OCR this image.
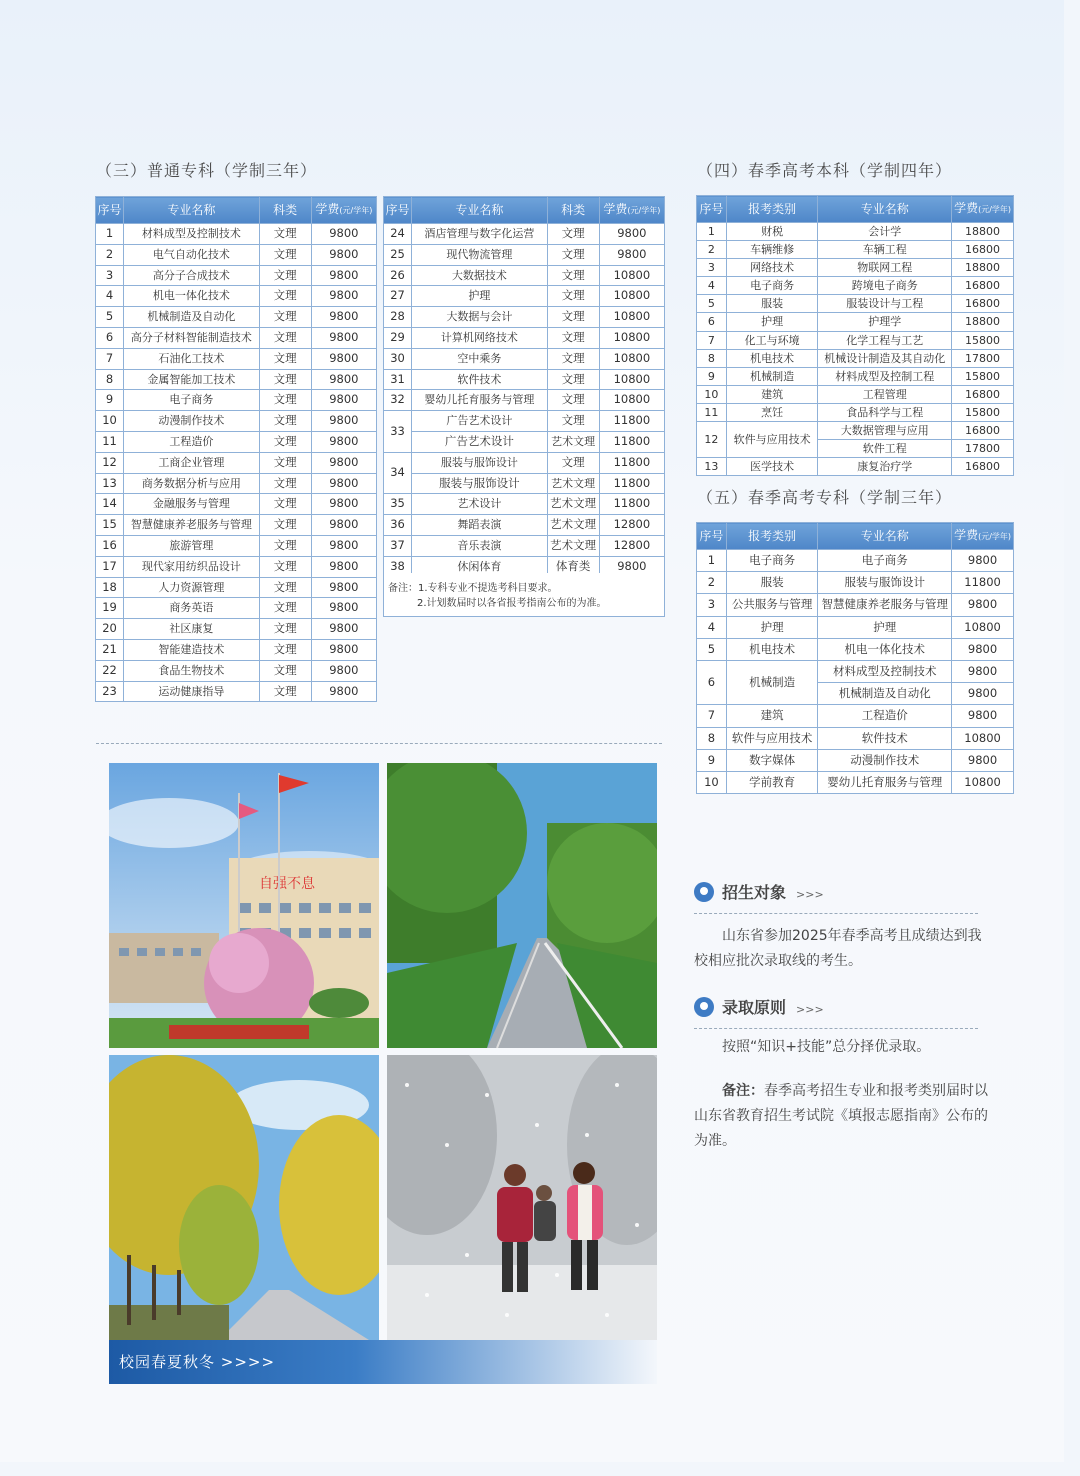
（三）普通专科（学制三年）
序号	专业名称	科类	学费(元/学年)
1	材料成型及控制技术	文理	9800
2	电气自动化技术	文理	9800
3	高分子合成技术	文理	9800
4	机电一体化技术	文理	9800
5	机械制造及自动化	文理	9800
6	高分子材料智能制造技术	文理	9800
7	石油化工技术	文理	9800
8	金属智能加工技术	文理	9800
9	电子商务	文理	9800
10	动漫制作技术	文理	9800
11	工程造价	文理	9800
12	工商企业管理	文理	9800
13	商务数据分析与应用	文理	9800
14	金融服务与管理	文理	9800
15	智慧健康养老服务与管理	文理	9800
16	旅游管理	文理	9800
17	现代家用纺织品设计	文理	9800
18	人力资源管理	文理	9800
19	商务英语	文理	9800
20	社区康复	文理	9800
21	智能建造技术	文理	9800
22	食品生物技术	文理	9800
23	运动健康指导	文理	9800
序号	专业名称	科类	学费(元/学年)
24	酒店管理与数字化运营	文理	9800
25	现代物流管理	文理	9800
26	大数据技术	文理	10800
27	护理	文理	10800
28	大数据与会计	文理	10800
29	计算机网络技术	文理	10800
30	空中乘务	文理	10800
31	软件技术	文理	10800
32	婴幼儿托育服务与管理	文理	10800
33	广告艺术设计	文理	11800
	广告艺术设计	艺术文理	11800
34	服装与服饰设计	文理	11800
	服装与服饰设计	艺术文理	11800
35	艺术设计	艺术文理	11800
36	舞蹈表演	艺术文理	12800
37	音乐表演	艺术文理	12800
38	休闲体育	体育类	9800
备注：1.专科专业不提选考科目要求。
2.计划数届时以各省报考指南公布的为准。
（四）春季高考本科（学制四年）
序号	报考类别	专业名称	学费(元/学年)
1	财税	会计学	18800
2	车辆维修	车辆工程	16800
3	网络技术	物联网工程	18800
4	电子商务	跨境电子商务	16800
5	服装	服装设计与工程	16800
6	护理	护理学	18800
7	化工与环境	化学工程与工艺	15800
8	机电技术	机械设计制造及其自动化	17800
9	机械制造	材料成型及控制工程	15800
10	建筑	工程管理	16800
11	烹饪	食品科学与工程	15800
12	软件与应用技术	大数据管理与应用	16800
		软件工程	17800
13	医学技术	康复治疗学	16800
（五）春季高考专科（学制三年）
序号	报考类别	专业名称	学费(元/学年)
1	电子商务	电子商务	9800
2	服装	服装与服饰设计	11800
3	公共服务与管理	智慧健康养老服务与管理	9800
4	护理	护理	10800
5	机电技术	机电一体化技术	9800
6	机械制造	材料成型及控制技术	9800
		机械制造及自动化	9800
7	建筑	工程造价	9800
8	软件与应用技术	软件技术	10800
9	数字媒体	动漫制作技术	9800
10	学前教育	婴幼儿托育服务与管理	10800
自强不息
校园春夏秋冬 >>>>
招生对象 >>>
山东省参加2025年春季高考且成绩达到我校相应批次录取线的考生。
录取原则 >>>
按照“知识+技能”总分择优录取。
备注：春季高考招生专业和报考类别届时以山东省教育招生考试院《填报志愿指南》公布的为准。
